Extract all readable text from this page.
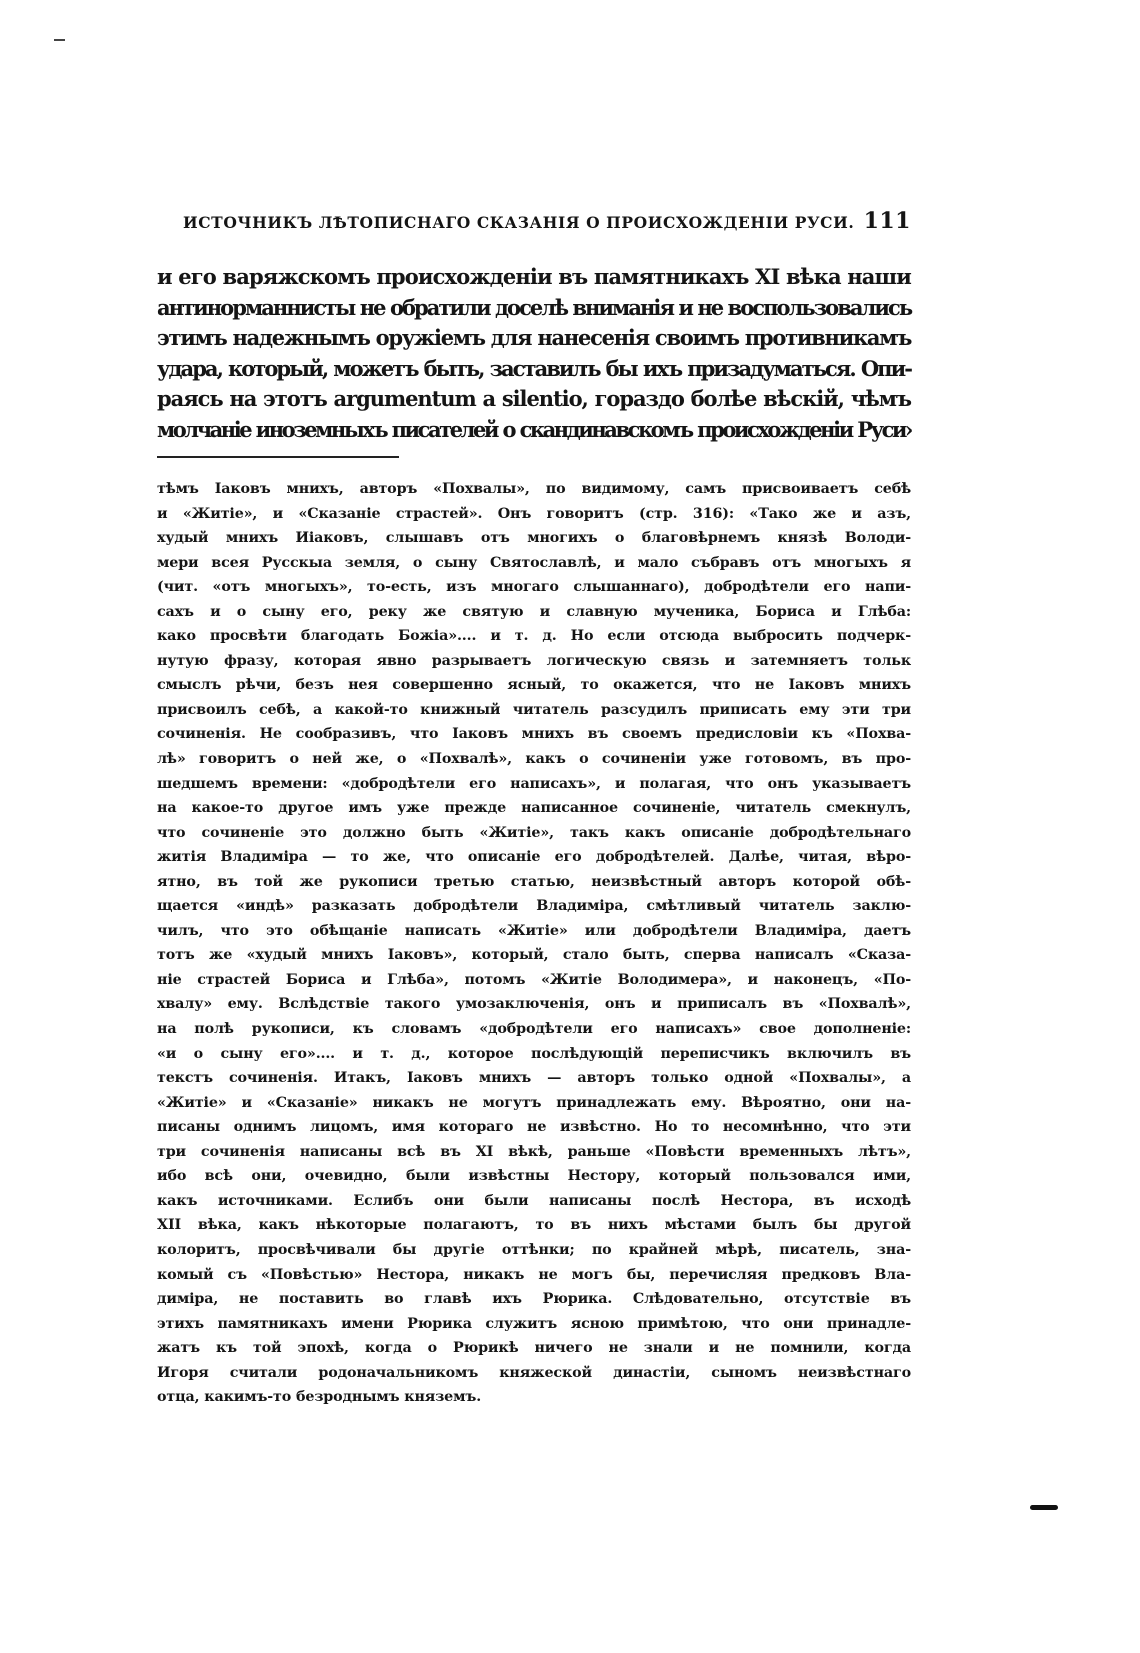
ИСТОЧНИКЪ ЛѢТОПИСНАГО СКАЗАНІЯ О ПРОИСХОЖДЕНІИ РУСИ. 111
и его варяжскомъ происхожденіи въ памятникахъ XI вѣка наши
антинорманнисты не обратили доселѣ вниманія и не воспользовались
этимъ надежнымъ оружіемъ для нанесенія своимъ противникамъ
удара, который, можетъ быть, заставилъ бы ихъ призадуматься. Опи-
раясь на этотъ argumentum a silentio, гораздо болѣе вѣскій, чѣмъ
молчаніе иноземныхъ писателей о скандинавскомъ происхожденіи Руси›
тѣмъ Іаковъ мнихъ, авторъ «Похвалы», по видимому, самъ присвоиваетъ себѣ
и «Житіе», и «Сказаніе страстей». Онъ говоритъ (стр. 316): «Тако же и азъ,
худый мнихъ Иіаковъ, слышавъ отъ многихъ о благовѣрнемъ князѣ Володи-
мери всея Русскыа земля, о сыну Святославлѣ, и мало събравъ отъ многыхъ я
(чит. «отъ многыхъ», то-есть, изъ многаго слышаннаго), добродѣтели его напи-
сахъ и о сыну его, реку же святую и славную мученика, Бориса и Глѣба:
како просвѣти благодать Божіа».... и т. д. Но если отсюда выбросить подчерк-
нутую фразу, которая явно разрываетъ логическую связь и затемняетъ тольк
смыслъ рѣчи, безъ нея совершенно ясный, то окажется, что не Іаковъ мнихъ
присвоилъ себѣ, а какой-то книжный читатель разсудилъ приписать ему эти три
сочиненія. Не сообразивъ, что Іаковъ мнихъ въ своемъ предисловіи къ «Похва-
лѣ» говоритъ о ней же, о «Похвалѣ», какъ о сочиненіи уже готовомъ, въ про-
шедшемъ времени: «добродѣтели его написахъ», и полагая, что онъ указываетъ
на какое-то другое имъ уже прежде написанное сочиненіе, читатель смекнулъ,
что сочиненіе это должно быть «Житіе», такъ какъ описаніе добродѣтельнаго
житія Владиміра — то же, что описаніе его добродѣтелей. Далѣе, читая, вѣро-
ятно, въ той же рукописи третью статью, неизвѣстный авторъ которой обѣ-
щается «индѣ» разказать добродѣтели Владиміра, смѣтливый читатель заклю-
чилъ, что это обѣщаніе написать «Житіе» или добродѣтели Владиміра, даетъ
тотъ же «худый мнихъ Іаковъ», который, стало быть, сперва написалъ «Сказа-
ніе страстей Бориса и Глѣба», потомъ «Житіе Володимера», и наконецъ, «По-
хвалу» ему. Вслѣдствіе такого умозаключенія, онъ и приписалъ въ «Похвалѣ»,
на полѣ рукописи, къ словамъ «добродѣтели его написахъ» свое дополненіе:
«и о сыну его».... и т. д., которое послѣдующій переписчикъ включилъ въ
текстъ сочиненія. Итакъ, Іаковъ мнихъ — авторъ только одной «Похвалы», а
«Житіе» и «Сказаніе» никакъ не могутъ принадлежать ему. Вѣроятно, они на-
писаны однимъ лицомъ, имя котораго не извѣстно. Но то несомнѣнно, что эти
три сочиненія написаны всѣ въ XI вѣкѣ, раньше «Повѣсти временныхъ лѣтъ»,
ибо всѣ они, очевидно, были извѣстны Нестору, который пользовался ими,
какъ источниками. Еслибъ они были написаны послѣ Нестора, въ исходѣ
XII вѣка, какъ нѣкоторые полагаютъ, то въ нихъ мѣстами былъ бы другой
колоритъ, просвѣчивали бы другіе оттѣнки; по крайней мѣрѣ, писатель, зна-
комый съ «Повѣстью» Нестора, никакъ не могъ бы, перечисляя предковъ Вла-
диміра, не поставить во главѣ ихъ Рюрика. Слѣдовательно, отсутствіе въ
этихъ памятникахъ имени Рюрика служитъ ясною примѣтою, что они принадле-
жатъ къ той эпохѣ, когда о Рюрикѣ ничего не знали и не помнили, когда
Игоря считали родоначальникомъ княжеской династіи, сыномъ неизвѣстнаго
отца, какимъ-то безроднымъ княземъ.
